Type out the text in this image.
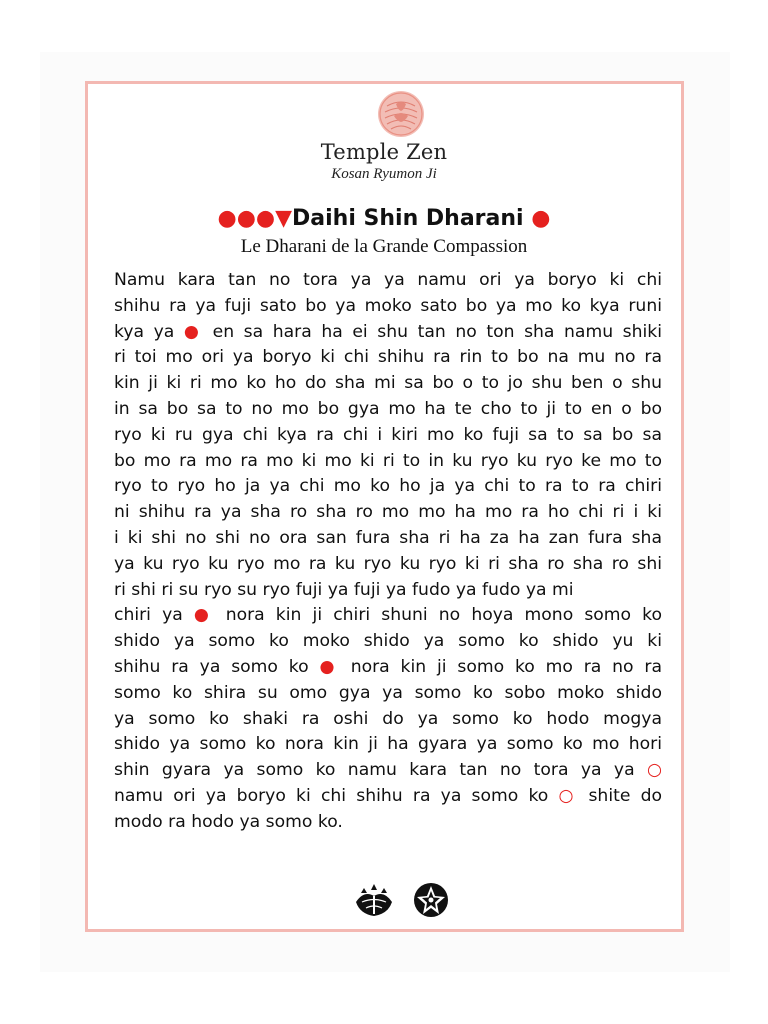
Temple Zen
Kosan Ryumon Ji
●●●▼Daihi Shin Dharani ●
Le Dharani de la Grande Compassion
Namu kara tan no tora ya ya namu ori ya boryo ki chi
shihu ra ya fuji sato bo ya moko sato bo ya mo ko kya runi
kya ya ● en sa hara ha ei shu tan no ton sha namu shiki
ri toi mo ori ya boryo ki chi shihu ra rin to bo na mu no ra
kin ji ki ri mo ko ho do sha mi sa bo o to jo shu ben o shu
in sa bo sa to no mo bo gya mo ha te cho to ji to en o bo
ryo ki ru gya chi kya ra chi i kiri mo ko fuji sa to sa bo sa
bo mo ra mo ra mo ki mo ki ri to in ku ryo ku ryo ke mo to
ryo to ryo ho ja ya chi mo ko ho ja ya chi to ra to ra chiri
ni shihu ra ya sha ro sha ro mo mo ha mo ra ho chi ri i ki
i ki shi no shi no ora san fura sha ri ha za ha zan fura sha
ya ku ryo ku ryo mo ra ku ryo ku ryo ki ri sha ro sha ro shi
ri shi ri su ryo su ryo fuji ya fuji ya fudo ya fudo ya mi
chiri ya ● nora kin ji chiri shuni no hoya mono somo ko
shido ya somo ko moko shido ya somo ko shido yu ki
shihu ra ya somo ko ● nora kin ji somo ko mo ra no ra
somo ko shira su omo gya ya somo ko sobo moko shido
ya somo ko shaki ra oshi do ya somo ko hodo mogya
shido ya somo ko nora kin ji ha gyara ya somo ko mo hori
shin gyara ya somo ko namu kara tan no tora ya ya ○
namu ori ya boryo ki chi shihu ra ya somo ko ○ shite do
modo ra hodo ya somo ko.
